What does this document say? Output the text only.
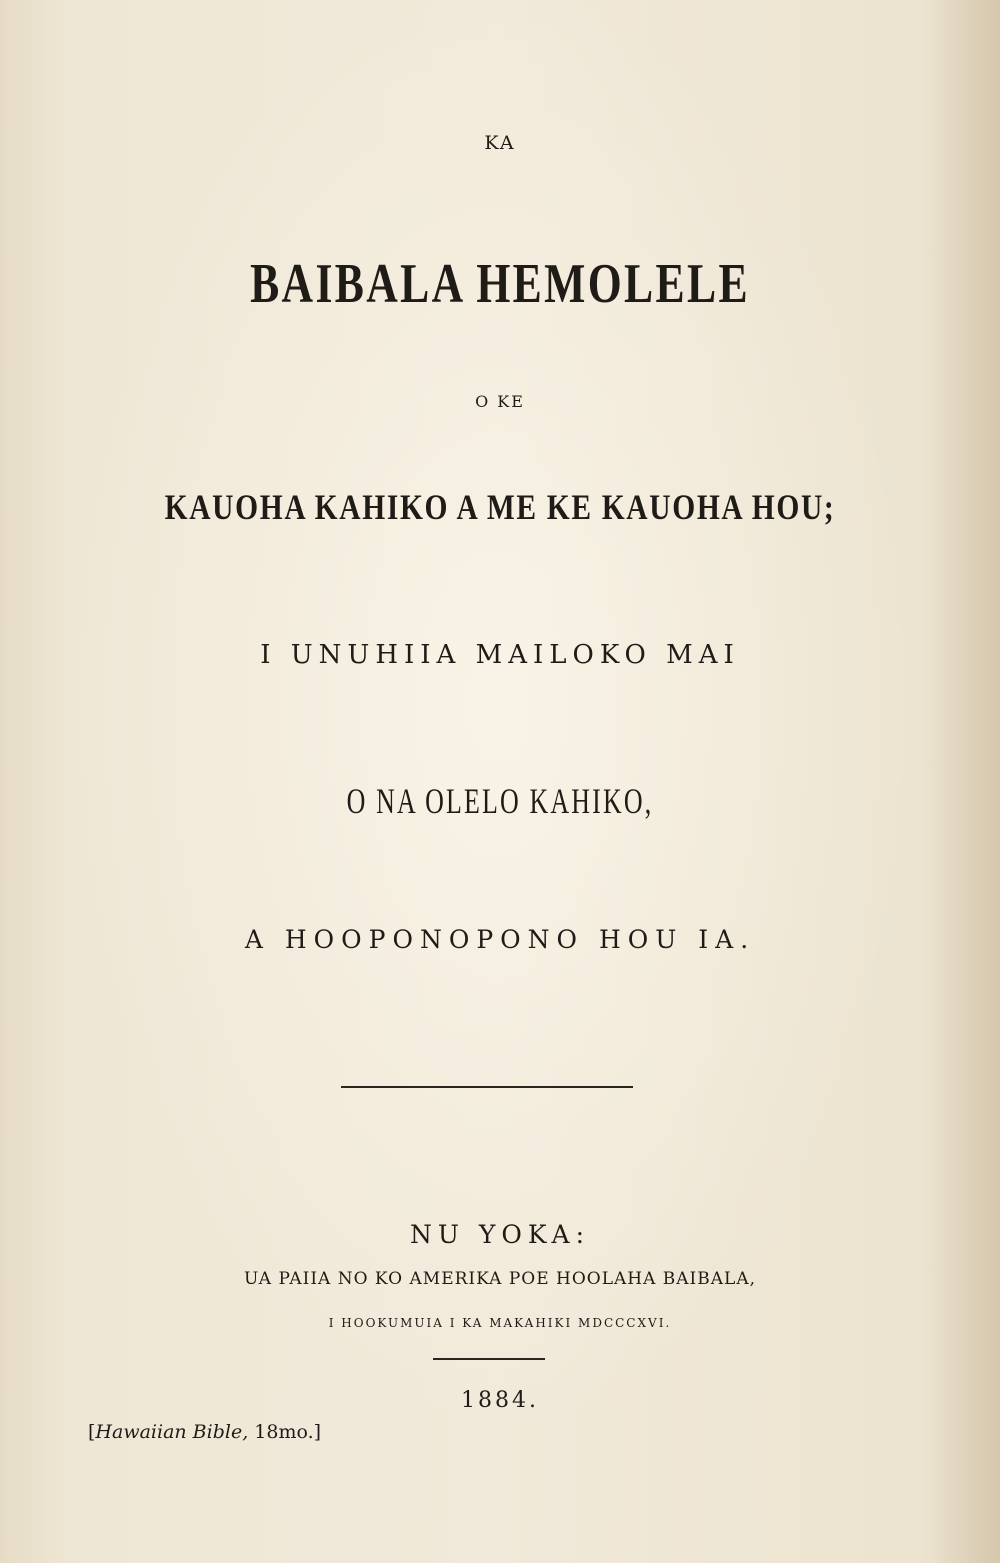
KA
BAIBALA HEMOLELE
O KE
KAUOHA KAHIKO A ME KE KAUOHA HOU;
I UNUHIIA MAILOKO MAI
O NA OLELO KAHIKO,
A HOOPONOPONO HOU IA.
NU YOKA:
UA PAIIA NO KO AMERIKA POE HOOLAHA BAIBALA,
I HOOKUMUIA I KA MAKAHIKI MDCCCXVI.
1884.
[Hawaiian Bible, 18mo.]
